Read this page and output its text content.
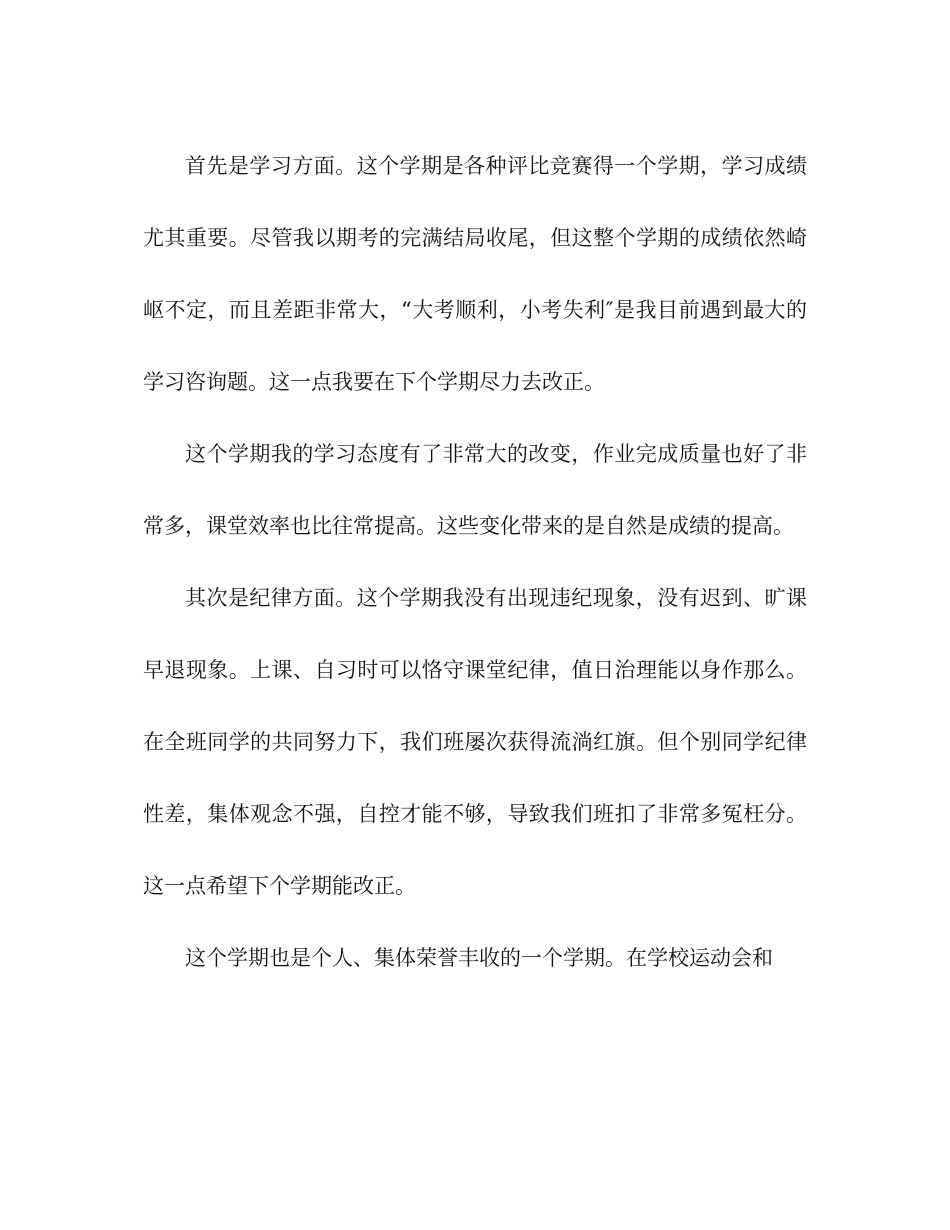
首先是学习方面。这个学期是各种评比竞赛得一个学期，学习成绩尤其重要。尽管我以期考的完满结局收尾，但这整个学期的成绩依然崎岖不定，而且差距非常大，“大考顺利，小考失利″是我目前遇到最大的学习咨询题。这一点我要在下个学期尽力去改正。

这个学期我的学习态度有了非常大的改变，作业完成质量也好了非常多，课堂效率也比往常提高。这些变化带来的是自然是成绩的提高。

其次是纪律方面。这个学期我没有出现违纪现象，没有迟到、旷课早退现象。上课、自习时可以恪守课堂纪律，值日治理能以身作那么。在全班同学的共同努力下，我们班屡次获得流淌红旗。但个别同学纪律性差，集体观念不强，自控才能不够，导致我们班扣了非常多冤枉分。这一点希望下个学期能改正。

这个学期也是个人、集体荣誉丰收的一个学期。在学校运动会和
